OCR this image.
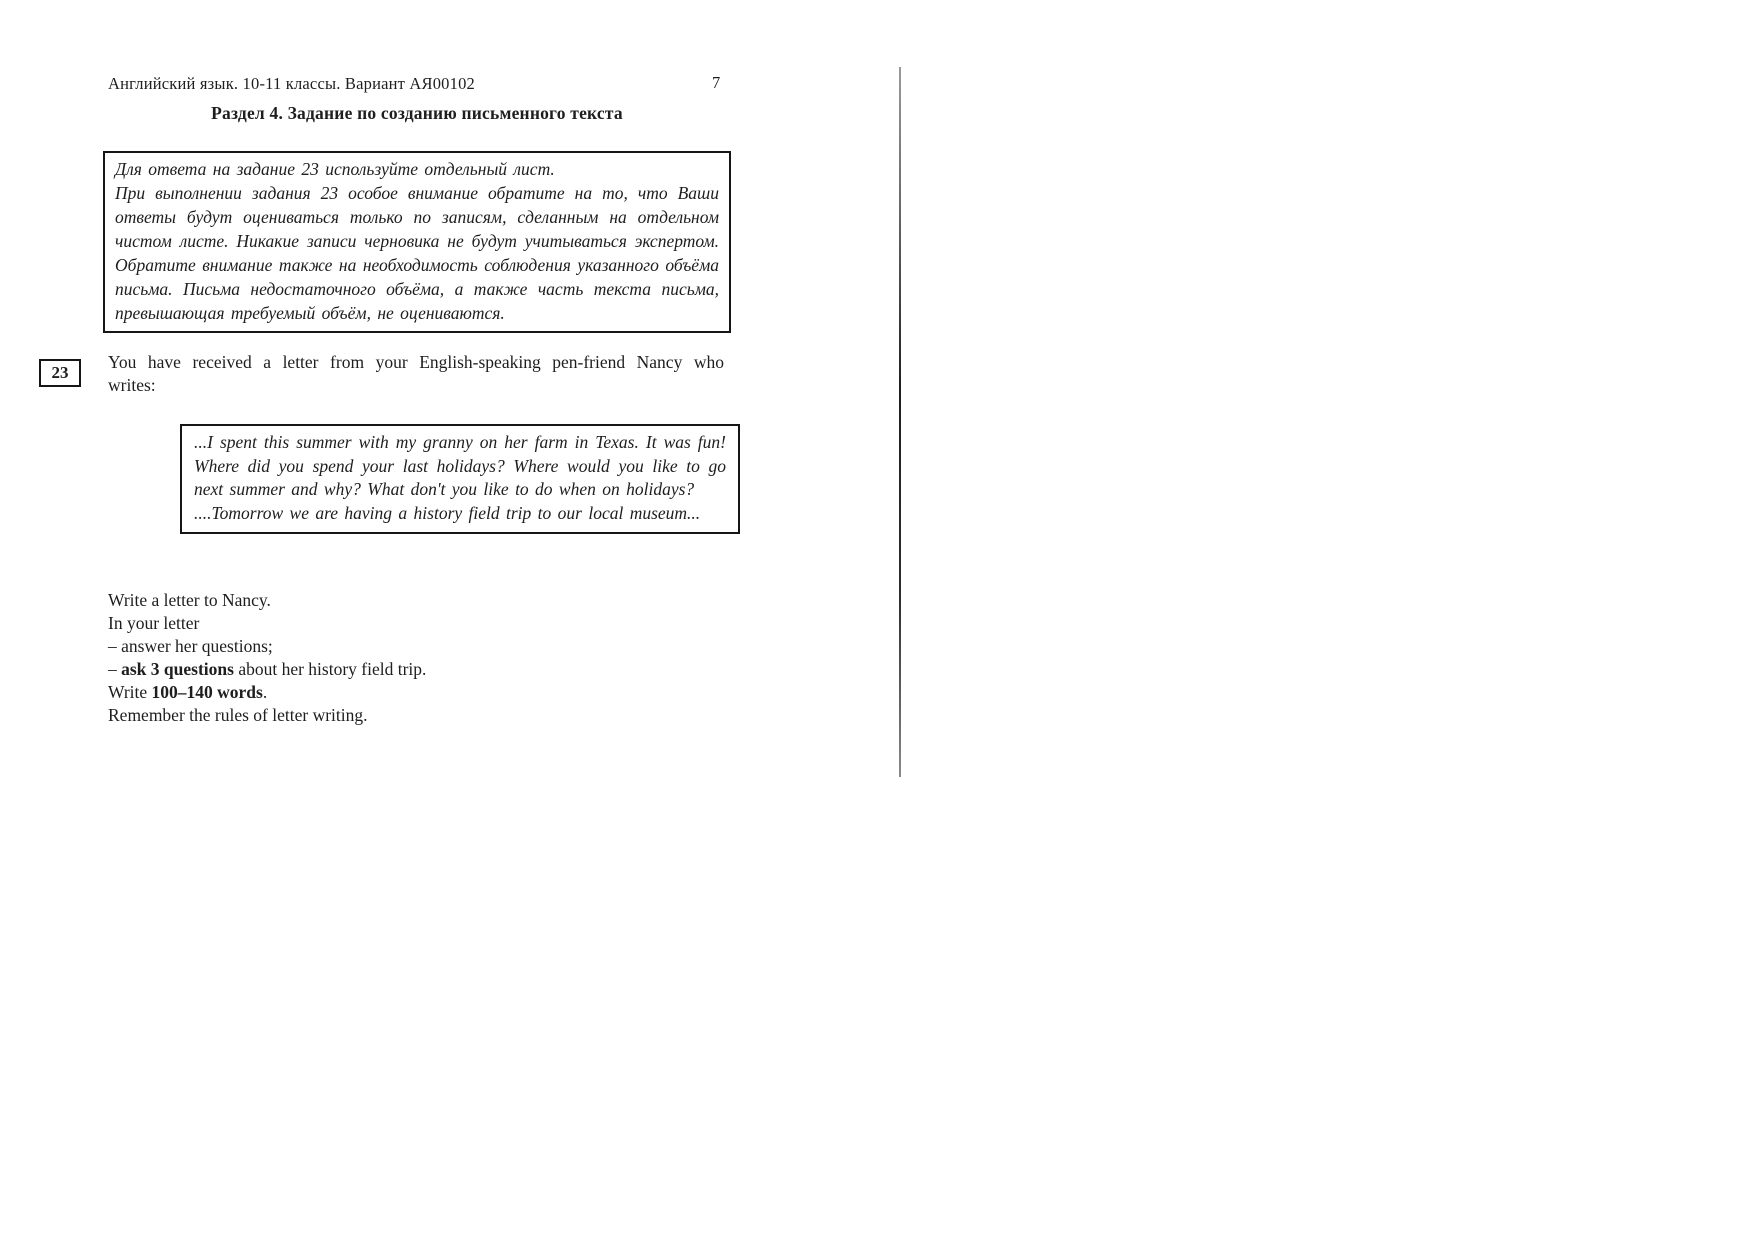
Английский язык. 10-11 классы. Вариант АЯ00102	7
Раздел 4. Задание по созданию письменного текста
Для ответа на задание 23 используйте отдельный лист.
При выполнении задания 23 особое внимание обратите на то, что Ваши ответы будут оцениваться только по записям, сделанным на отдельном чистом листе. Никакие записи черновика не будут учитываться экспертом. Обратите внимание также на необходимость соблюдения указанного объёма письма. Письма недостаточного объёма, а также часть текста письма, превышающая требуемый объём, не оцениваются.
23
You have received a letter from your English-speaking pen-friend Nancy who writes:
...I spent this summer with my granny on her farm in Texas. It was fun! Where did you spend your last holidays? Where would you like to go next summer and why? What don't you like to do when on holidays?
....Tomorrow we are having a history field trip to our local museum...
Write a letter to Nancy.
In your letter
– answer her questions;
– ask 3 questions about her history field trip.
Write 100–140 words.
Remember the rules of letter writing.
